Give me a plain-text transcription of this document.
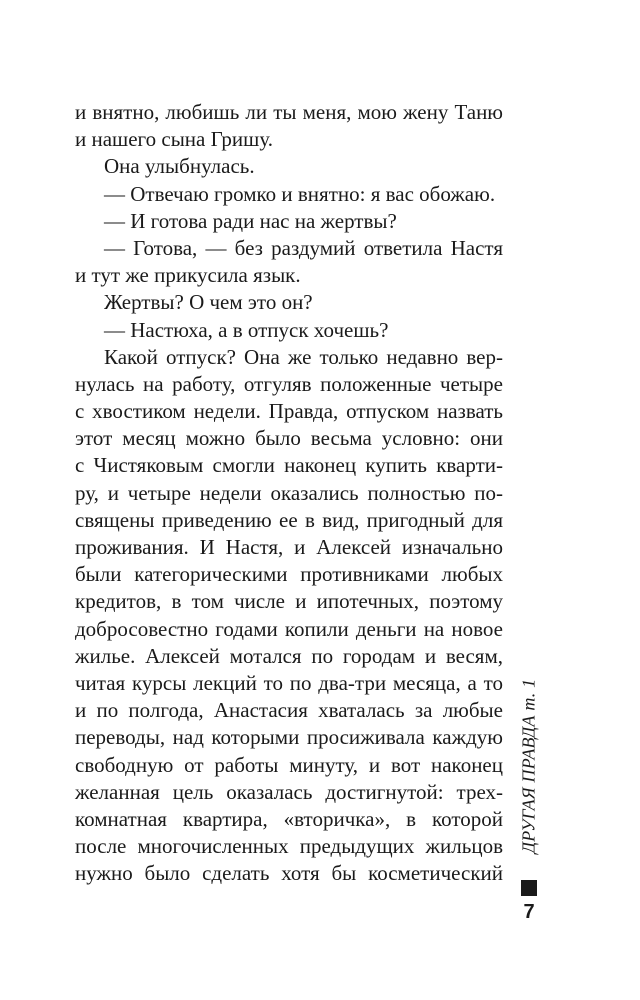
и внятно, любишь ли ты меня, мою жену Таню
и нашего сына Гришу.
Она улыбнулась.
— Отвечаю громко и внятно: я вас обожаю.
— И готова ради нас на жертвы?
— Готова, — без раздумий ответила Настя
и тут же прикусила язык.
Жертвы? О чем это он?
— Настюха, а в отпуск хочешь?
Какой отпуск? Она же только недавно вер-
нулась на работу, отгуляв положенные четыре
с хвостиком недели. Правда, отпуском назвать
этот месяц можно было весьма условно: они
с Чистяковым смогли наконец купить кварти-
ру, и четыре недели оказались полностью по-
священы приведению ее в вид, пригодный для
проживания. И Настя, и Алексей изначально
были категорическими противниками любых
кредитов, в том числе и ипотечных, поэтому
добросовестно годами копили деньги на новое
жилье. Алексей мотался по городам и весям,
читая курсы лекций то по два-три месяца, а то
и по полгода, Анастасия хваталась за любые
переводы, над которыми просиживала каждую
свободную от работы минуту, и вот наконец
желанная цель оказалась достигнутой: трех-
комнатная квартира, «вторичка», в которой
после многочисленных предыдущих жильцов
нужно было сделать хотя бы косметический
ДРУГАЯ ПРАВДА т. 1
7
